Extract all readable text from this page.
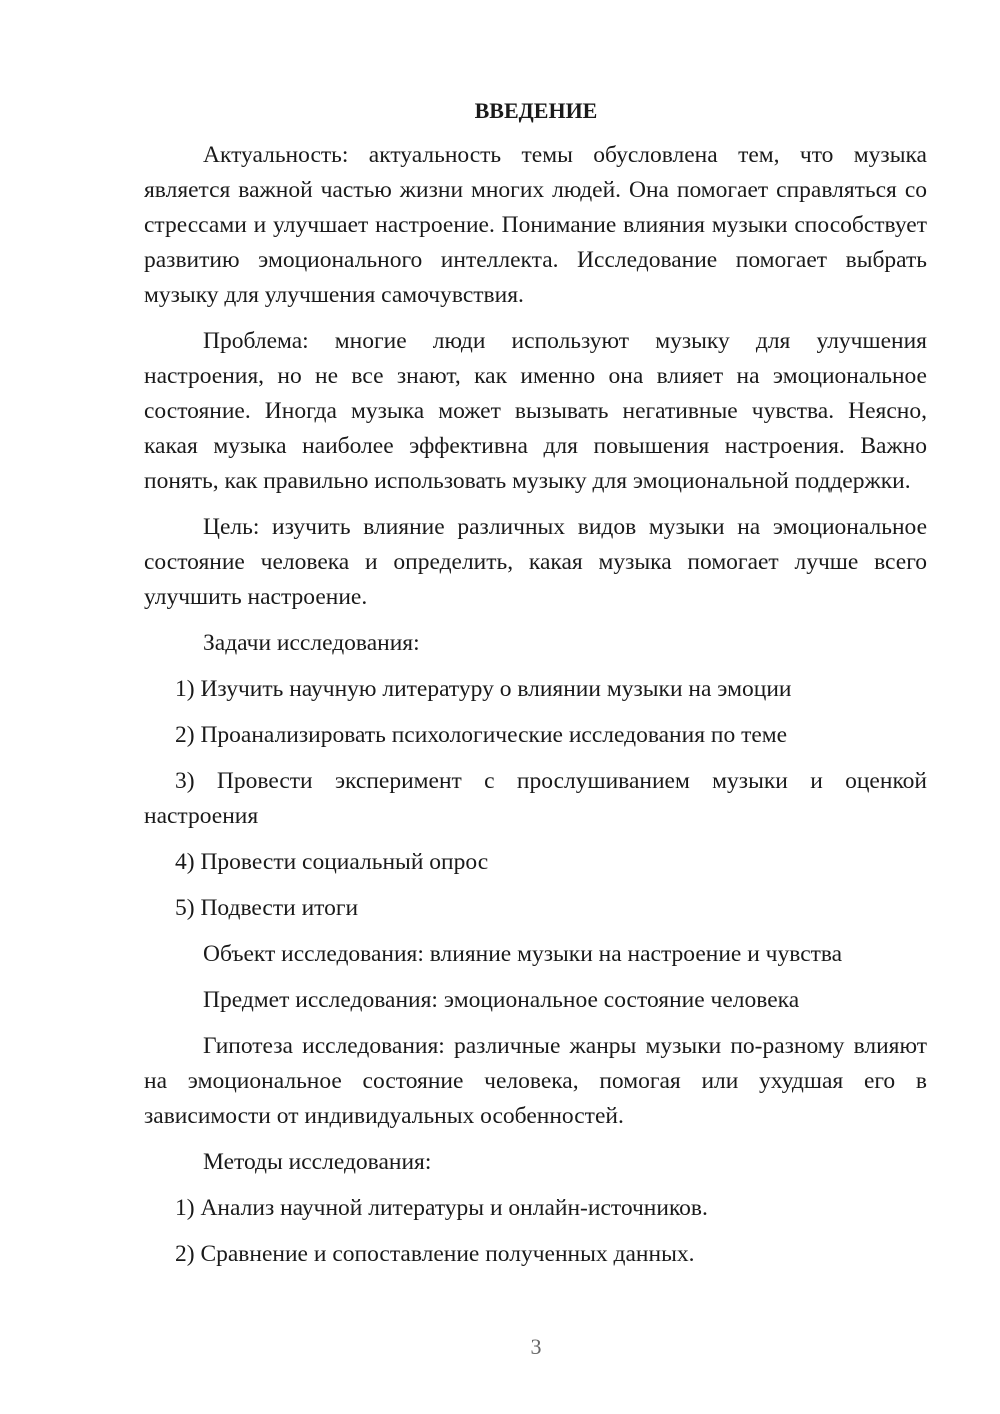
ВВЕДЕНИЕ

Актуальность: актуальность темы обусловлена тем, что музыка является важной частью жизни многих людей. Она помогает справляться со стрессами и улучшает настроение. Понимание влияния музыки способствует развитию эмоционального интеллекта. Исследование помогает выбрать музыку для улучшения самочувствия.

Проблема: многие люди используют музыку для улучшения настроения, но не все знают, как именно она влияет на эмоциональное состояние. Иногда музыка может вызывать негативные чувства. Неясно, какая музыка наиболее эффективна для повышения настроения. Важно понять, как правильно использовать музыку для эмоциональной поддержки.

Цель: изучить влияние различных видов музыки на эмоциональное состояние человека и определить, какая музыка помогает лучше всего улучшить настроение.

Задачи исследования:

1) Изучить научную литературу о влиянии музыки на эмоции

2) Проанализировать психологические исследования по теме

3) Провести эксперимент с прослушиванием музыки и оценкой настроения

4) Провести социальный опрос

5) Подвести итоги

Объект исследования: влияние музыки на настроение и чувства

Предмет исследования: эмоциональное состояние человека

Гипотеза исследования: различные жанры музыки по-разному влияют на эмоциональное состояние человека, помогая или ухудшая его в зависимости от индивидуальных особенностей.

Методы исследования:

1) Анализ научной литературы и онлайн-источников.

2) Сравнение и сопоставление полученных данных.

3
